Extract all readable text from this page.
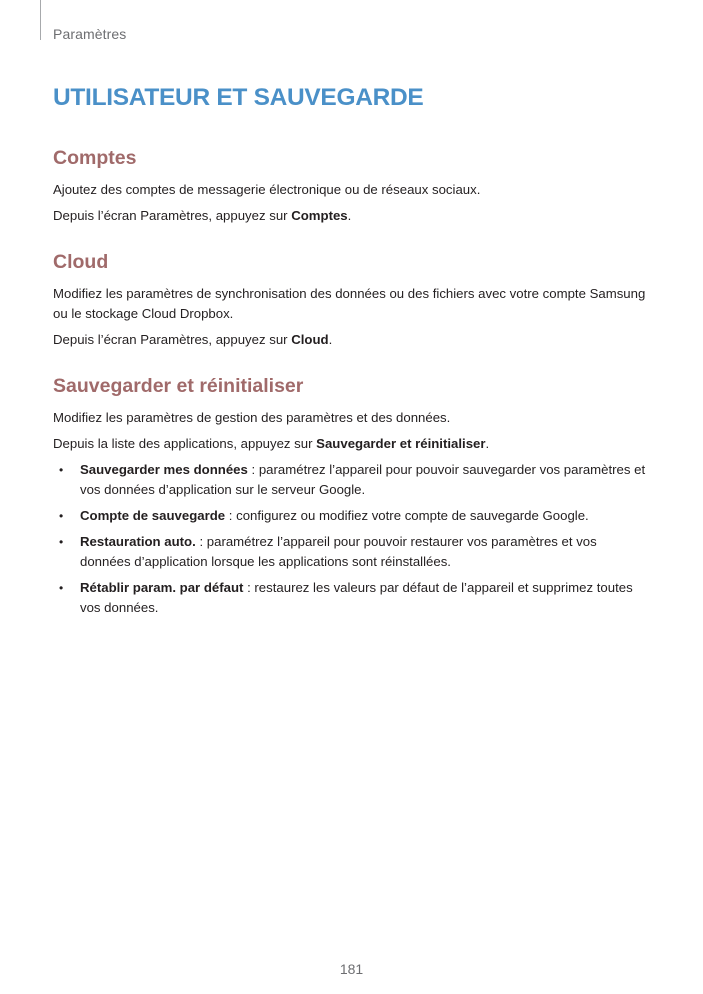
Paramètres
UTILISATEUR ET SAUVEGARDE
Comptes

Ajoutez des comptes de messagerie électronique ou de réseaux sociaux.

Depuis l’écran Paramètres, appuyez sur Comptes.

Cloud

Modifiez les paramètres de synchronisation des données ou des fichiers avec votre compte Samsung
ou le stockage Cloud Dropbox.

Depuis l’écran Paramètres, appuyez sur Cloud.

Sauvegarder et réinitialiser

Modifiez les paramètres de gestion des paramètres et des données.

Depuis la liste des applications, appuyez sur Sauvegarder et réinitialiser.

• Sauvegarder mes données : paramétrez l’appareil pour pouvoir sauvegarder vos paramètres et
vos données d’application sur le serveur Google.
• Compte de sauvegarde : configurez ou modifiez votre compte de sauvegarde Google.
• Restauration auto. : paramétrez l’appareil pour pouvoir restaurer vos paramètres et vos
données d’application lorsque les applications sont réinstallées.
• Rétablir param. par défaut : restaurez les valeurs par défaut de l’appareil et supprimez toutes
vos données.
181
